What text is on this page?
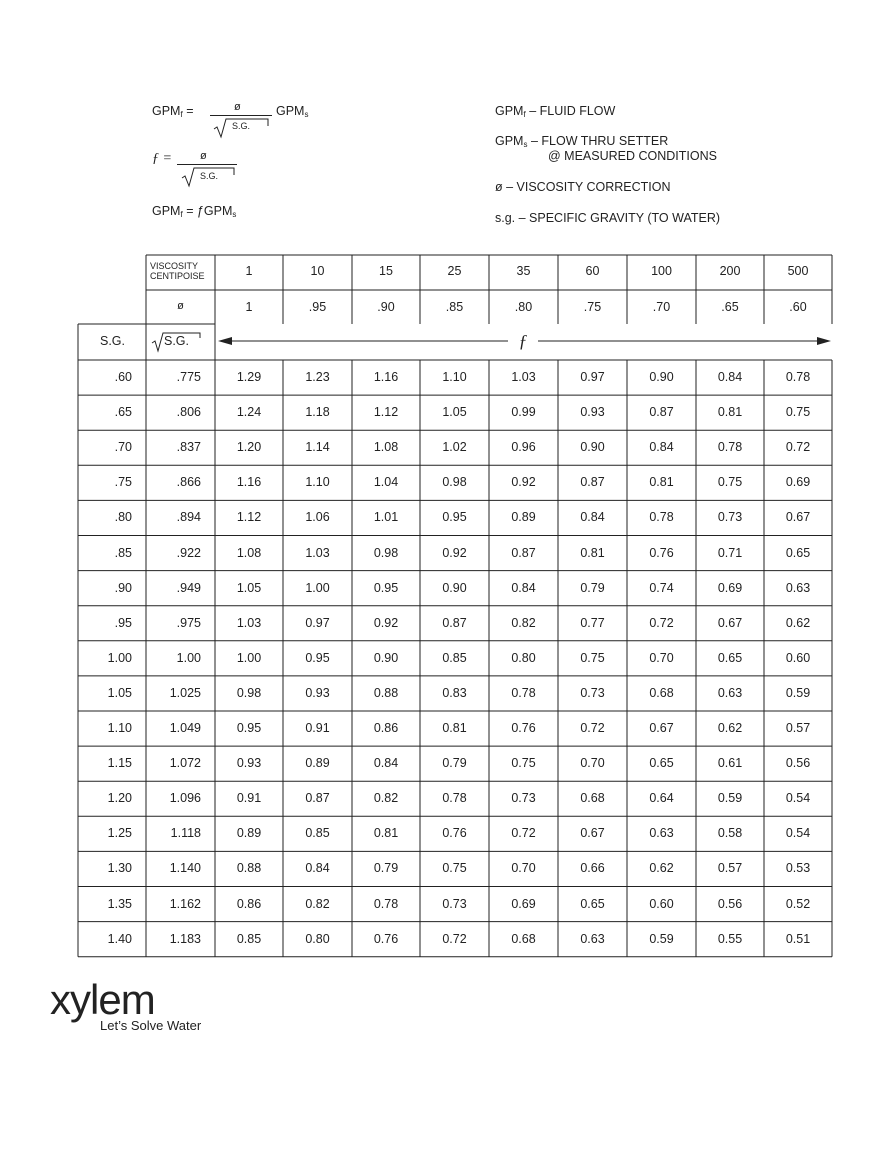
$GPM_f$ =	ø
S.G.
$GPM_s$
ƒ =	ø
S.G.
$GPM_f$ = ƒGPM$_s$
$GPM_f$ – FLUID FLOW
$GPM_s$ – FLOW THRU SETTER
@ MEASURED CONDITIONS
ø – VISCOSITY CORRECTION
s.g. – SPECIFIC GRAVITY (TO WATER)
VISCOSITY
CENTIPOISE
ø
S.G.	S.G.	ƒ
1	10	15	25	35	60	100	200	500
1	.95	.90	.85	.80	.75	.70	.65	.60
.60	.775	1.29	1.23	1.16	1.10	1.03	0.97	0.90	0.84	0.78
.65	.806	1.24	1.18	1.12	1.05	0.99	0.93	0.87	0.81	0.75
.70	.837	1.20	1.14	1.08	1.02	0.96	0.90	0.84	0.78	0.72
.75	.866	1.16	1.10	1.04	0.98	0.92	0.87	0.81	0.75	0.69
.80	.894	1.12	1.06	1.01	0.95	0.89	0.84	0.78	0.73	0.67
.85	.922	1.08	1.03	0.98	0.92	0.87	0.81	0.76	0.71	0.65
.90	.949	1.05	1.00	0.95	0.90	0.84	0.79	0.74	0.69	0.63
.95	.975	1.03	0.97	0.92	0.87	0.82	0.77	0.72	0.67	0.62
1.00	1.00	1.00	0.95	0.90	0.85	0.80	0.75	0.70	0.65	0.60
1.05	1.025	0.98	0.93	0.88	0.83	0.78	0.73	0.68	0.63	0.59
1.10	1.049	0.95	0.91	0.86	0.81	0.76	0.72	0.67	0.62	0.57
1.15	1.072	0.93	0.89	0.84	0.79	0.75	0.70	0.65	0.61	0.56
1.20	1.096	0.91	0.87	0.82	0.78	0.73	0.68	0.64	0.59	0.54
1.25	1.118	0.89	0.85	0.81	0.76	0.72	0.67	0.63	0.58	0.54
1.30	1.140	0.88	0.84	0.79	0.75	0.70	0.66	0.62	0.57	0.53
1.35	1.162	0.86	0.82	0.78	0.73	0.69	0.65	0.60	0.56	0.52
1.40	1.183	0.85	0.80	0.76	0.72	0.68	0.63	0.59	0.55	0.51
xylem
Let’s Solve Water
